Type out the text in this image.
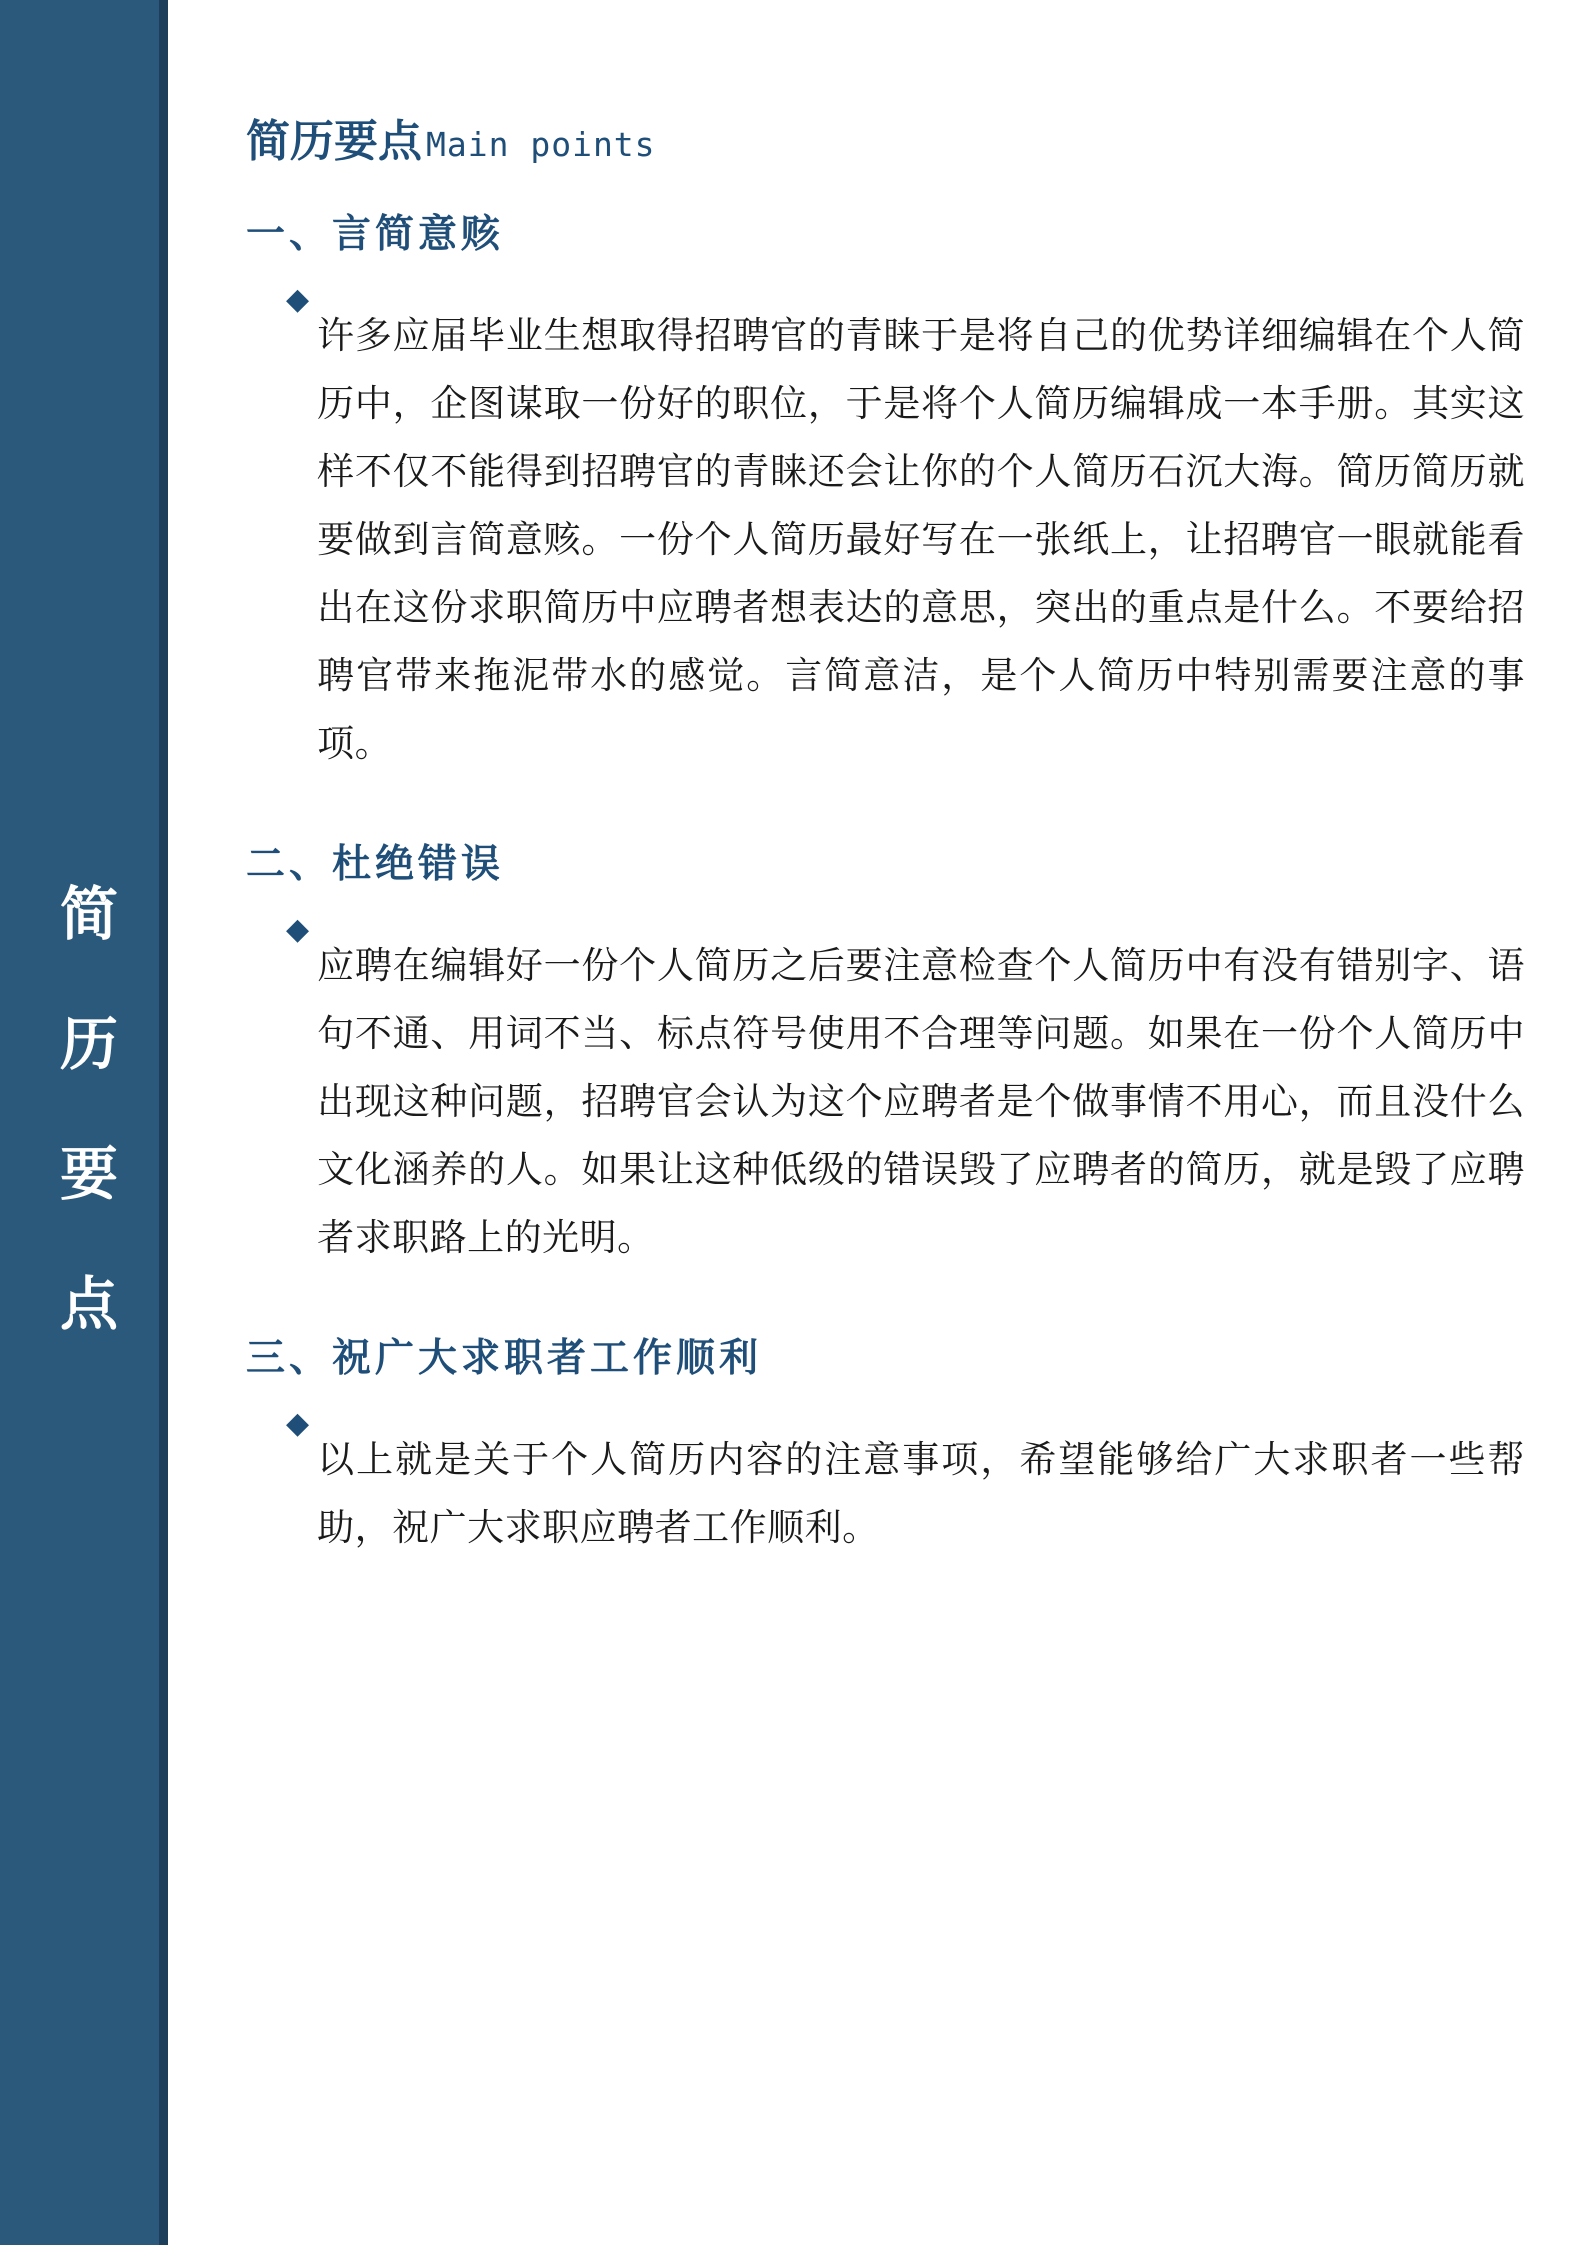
简历要点
简历要点 Main points
一、言简意赅
◆

许多应届毕业生想取得招聘官的青睐于是将自己的优势详细编辑在个人简历中，企图谋取一份好的职位，于是将个人简历编辑成一本手册。其实这样不仅不能得到招聘官的青睐还会让你的个人简历石沉大海。简历简历就要做到言简意赅。一份个人简历最好写在一张纸上，让招聘官一眼就能看出在这份求职简历中应聘者想表达的意思，突出的重点是什么。不要给招聘官带来拖泥带水的感觉。言简意洁，是个人简历中特别需要注意的事项。

二、杜绝错误
◆

应聘在编辑好一份个人简历之后要注意检查个人简历中有没有错别字、语句不通、用词不当、标点符号使用不合理等问题。如果在一份个人简历中出现这种问题，招聘官会认为这个应聘者是个做事情不用心，而且没什么文化涵养的人。如果让这种低级的错误毁了应聘者的简历，就是毁了应聘者求职路上的光明。

三、祝广大求职者工作顺利
◆

以上就是关于个人简历内容的注意事项，希望能够给广大求职者一些帮助，祝广大求职应聘者工作顺利。
